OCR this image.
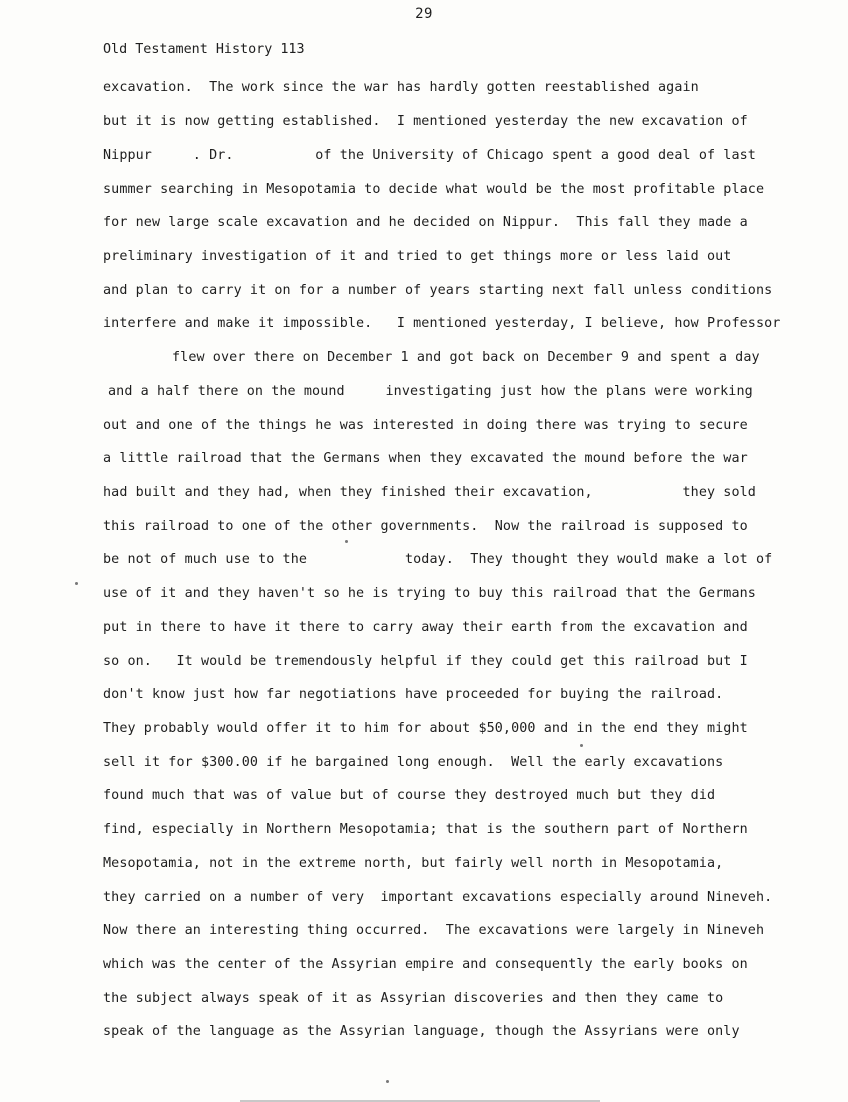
29
Old Testament History 113
excavation.  The work since the war has hardly gotten reestablished again
but it is now getting established.  I mentioned yesterday the new excavation of
Nippur     . Dr.          of the University of Chicago spent a good deal of last
summer searching in Mesopotamia to decide what would be the most profitable place
for new large scale excavation and he decided on Nippur.  This fall they made a
preliminary investigation of it and tried to get things more or less laid out
and plan to carry it on for a number of years starting next fall unless conditions
interfere and make it impossible.   I mentioned yesterday, I believe, how Professor
flew over there on December 1 and got back on December 9 and spent a day
and a half there on the mound     investigating just how the plans were working
out and one of the things he was interested in doing there was trying to secure
a little railroad that the Germans when they excavated the mound before the war
had built and they had, when they finished their excavation,           they sold
this railroad to one of the other governments.  Now the railroad is supposed to
be not of much use to the            today.  They thought they would make a lot of
use of it and they haven't so he is trying to buy this railroad that the Germans
put in there to have it there to carry away their earth from the excavation and
so on.   It would be tremendously helpful if they could get this railroad but I
don't know just how far negotiations have proceeded for buying the railroad.
They probably would offer it to him for about $50,000 and in the end they might
sell it for $300.00 if he bargained long enough.  Well the early excavations
found much that was of value but of course they destroyed much but they did
find, especially in Northern Mesopotamia; that is the southern part of Northern
Mesopotamia, not in the extreme north, but fairly well north in Mesopotamia,
they carried on a number of very  important excavations especially around Nineveh.
Now there an interesting thing occurred.  The excavations were largely in Nineveh
which was the center of the Assyrian empire and consequently the early books on
the subject always speak of it as Assyrian discoveries and then they came to
speak of the language as the Assyrian language, though the Assyrians were only
